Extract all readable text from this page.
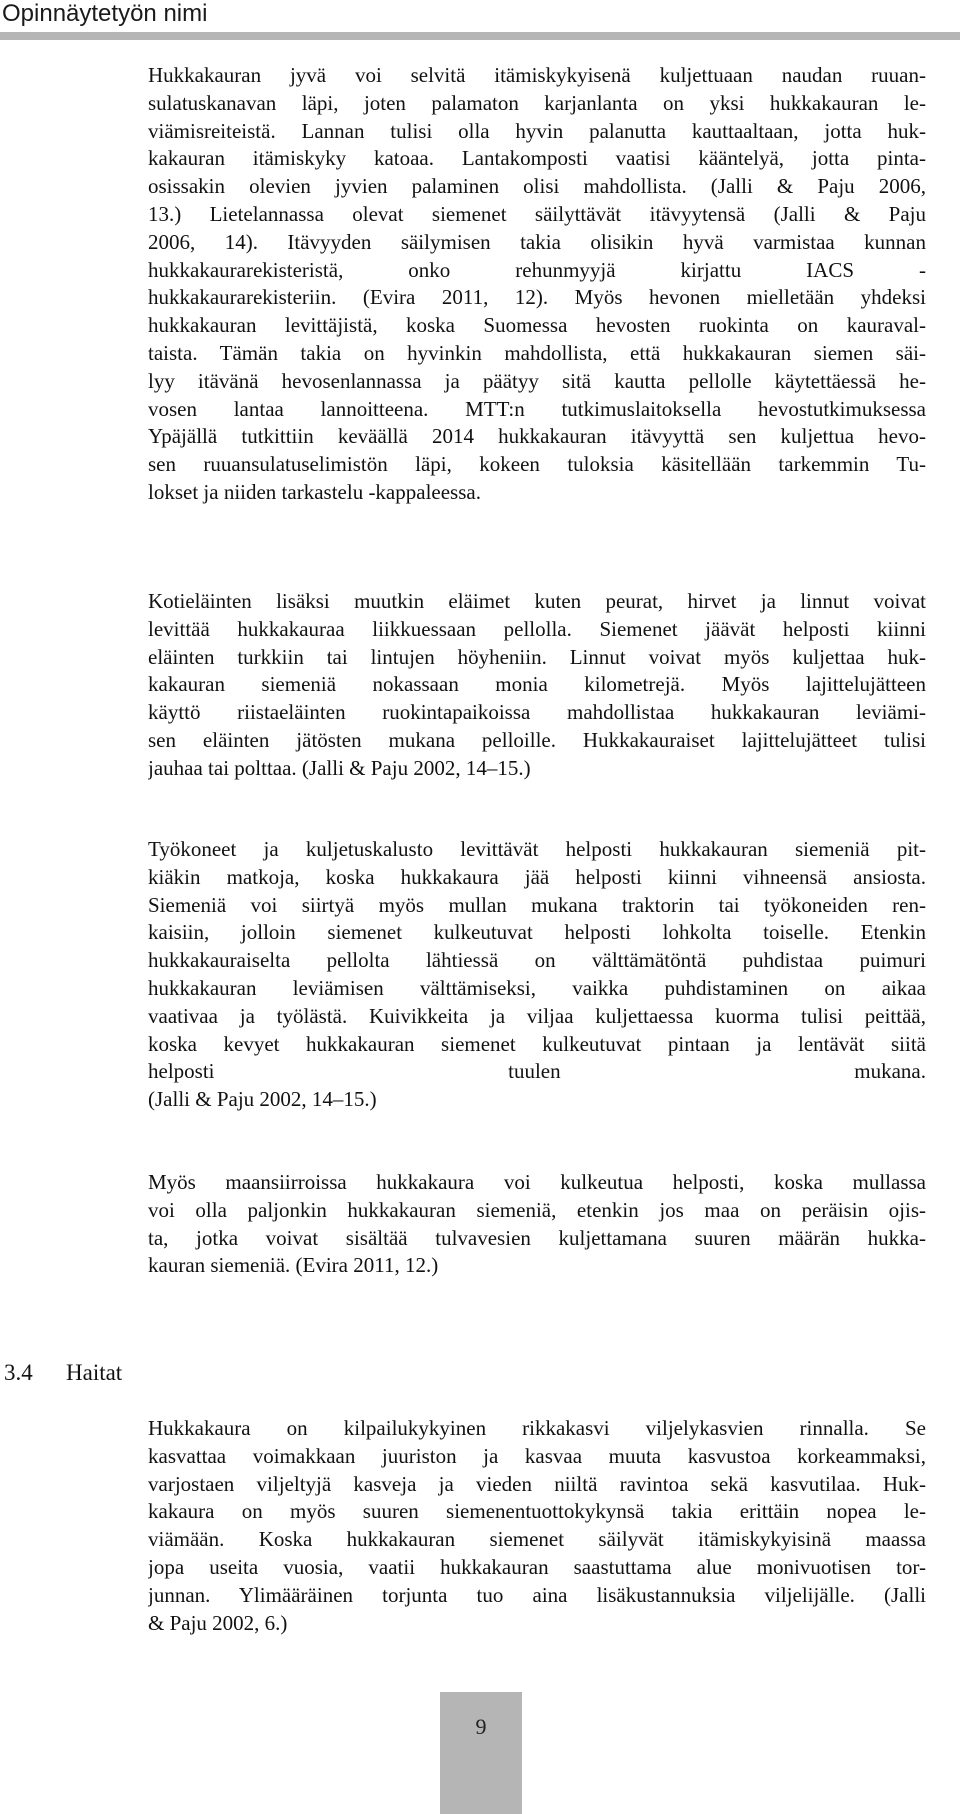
Opinnäytetyön nimi
Hukkakauran jyvä voi selvitä itämiskykyisenä kuljettuaan naudan ruuan-
sulatuskanavan läpi, joten palamaton karjanlanta on yksi hukkakauran le-
viämisreiteistä. Lannan tulisi olla hyvin palanutta kauttaaltaan, jotta huk-
kakauran itämiskyky katoaa. Lantakomposti vaatisi kääntelyä, jotta pinta-
osissakin olevien jyvien palaminen olisi mahdollista. (Jalli & Paju 2006,
13.) Lietelannassa olevat siemenet säilyttävät itävyytensä (Jalli & Paju
2006, 14). Itävyyden säilymisen takia olisikin hyvä varmistaa kunnan
hukkakaurarekisteristä, onko rehunmyyjä kirjattu IACS -
hukkakaurarekisteriin. (Evira 2011, 12). Myös hevonen mielletään yhdeksi
hukkakauran levittäjistä, koska Suomessa hevosten ruokinta on kauraval-
taista. Tämän takia on hyvinkin mahdollista, että hukkakauran siemen säi-
lyy itävänä hevosenlannassa ja päätyy sitä kautta pellolle käytettäessä he-
vosen lantaa lannoitteena. MTT:n tutkimuslaitoksella hevostutkimuksessa
Ypäjällä tutkittiin keväällä 2014 hukkakauran itävyyttä sen kuljettua hevo-
sen ruuansulatuselimistön läpi, kokeen tuloksia käsitellään tarkemmin Tu-
lokset ja niiden tarkastelu -kappaleessa.
Kotieläinten lisäksi muutkin eläimet kuten peurat, hirvet ja linnut voivat
levittää hukkakauraa liikkuessaan pellolla. Siemenet jäävät helposti kiinni
eläinten turkkiin tai lintujen höyheniin. Linnut voivat myös kuljettaa huk-
kakauran siemeniä nokassaan monia kilometrejä. Myös lajittelujätteen
käyttö riistaeläinten ruokintapaikoissa mahdollistaa hukkakauran leviämi-
sen eläinten jätösten mukana pelloille. Hukkakauraiset lajittelujätteet tulisi
jauhaa tai polttaa. (Jalli & Paju 2002, 14–15.)
Työkoneet ja kuljetuskalusto levittävät helposti hukkakauran siemeniä pit-
kiäkin matkoja, koska hukkakaura jää helposti kiinni vihneensä ansiosta.
Siemeniä voi siirtyä myös mullan mukana traktorin tai työkoneiden ren-
kaisiin, jolloin siemenet kulkeutuvat helposti lohkolta toiselle. Etenkin
hukkakauraiselta pellolta lähtiessä on välttämätöntä puhdistaa puimuri
hukkakauran leviämisen välttämiseksi, vaikka puhdistaminen on aikaa
vaativaa ja työlästä. Kuivikkeita ja viljaa kuljettaessa kuorma tulisi peittää,
koska kevyet hukkakauran siemenet kulkeutuvat pintaan ja lentävät siitä
helposti tuulen mukana.
(Jalli & Paju 2002, 14–15.)
Myös maansiirroissa hukkakaura voi kulkeutua helposti, koska mullassa
voi olla paljonkin hukkakauran siemeniä, etenkin jos maa on peräisin ojis-
ta, jotka voivat sisältää tulvavesien kuljettamana suuren määrän hukka-
kauran siemeniä. (Evira 2011, 12.)
3.4 Haitat
Hukkakaura on kilpailukykyinen rikkakasvi viljelykasvien rinnalla. Se
kasvattaa voimakkaan juuriston ja kasvaa muuta kasvustoa korkeammaksi,
varjostaen viljeltyjä kasveja ja vieden niiltä ravintoa sekä kasvutilaa. Huk-
kakaura on myös suuren siemenentuottokykynsä takia erittäin nopea le-
viämään. Koska hukkakauran siemenet säilyvät itämiskykyisinä maassa
jopa useita vuosia, vaatii hukkakauran saastuttama alue monivuotisen tor-
junnan. Ylimääräinen torjunta tuo aina lisäkustannuksia viljelijälle. (Jalli
& Paju 2002, 6.)
9
